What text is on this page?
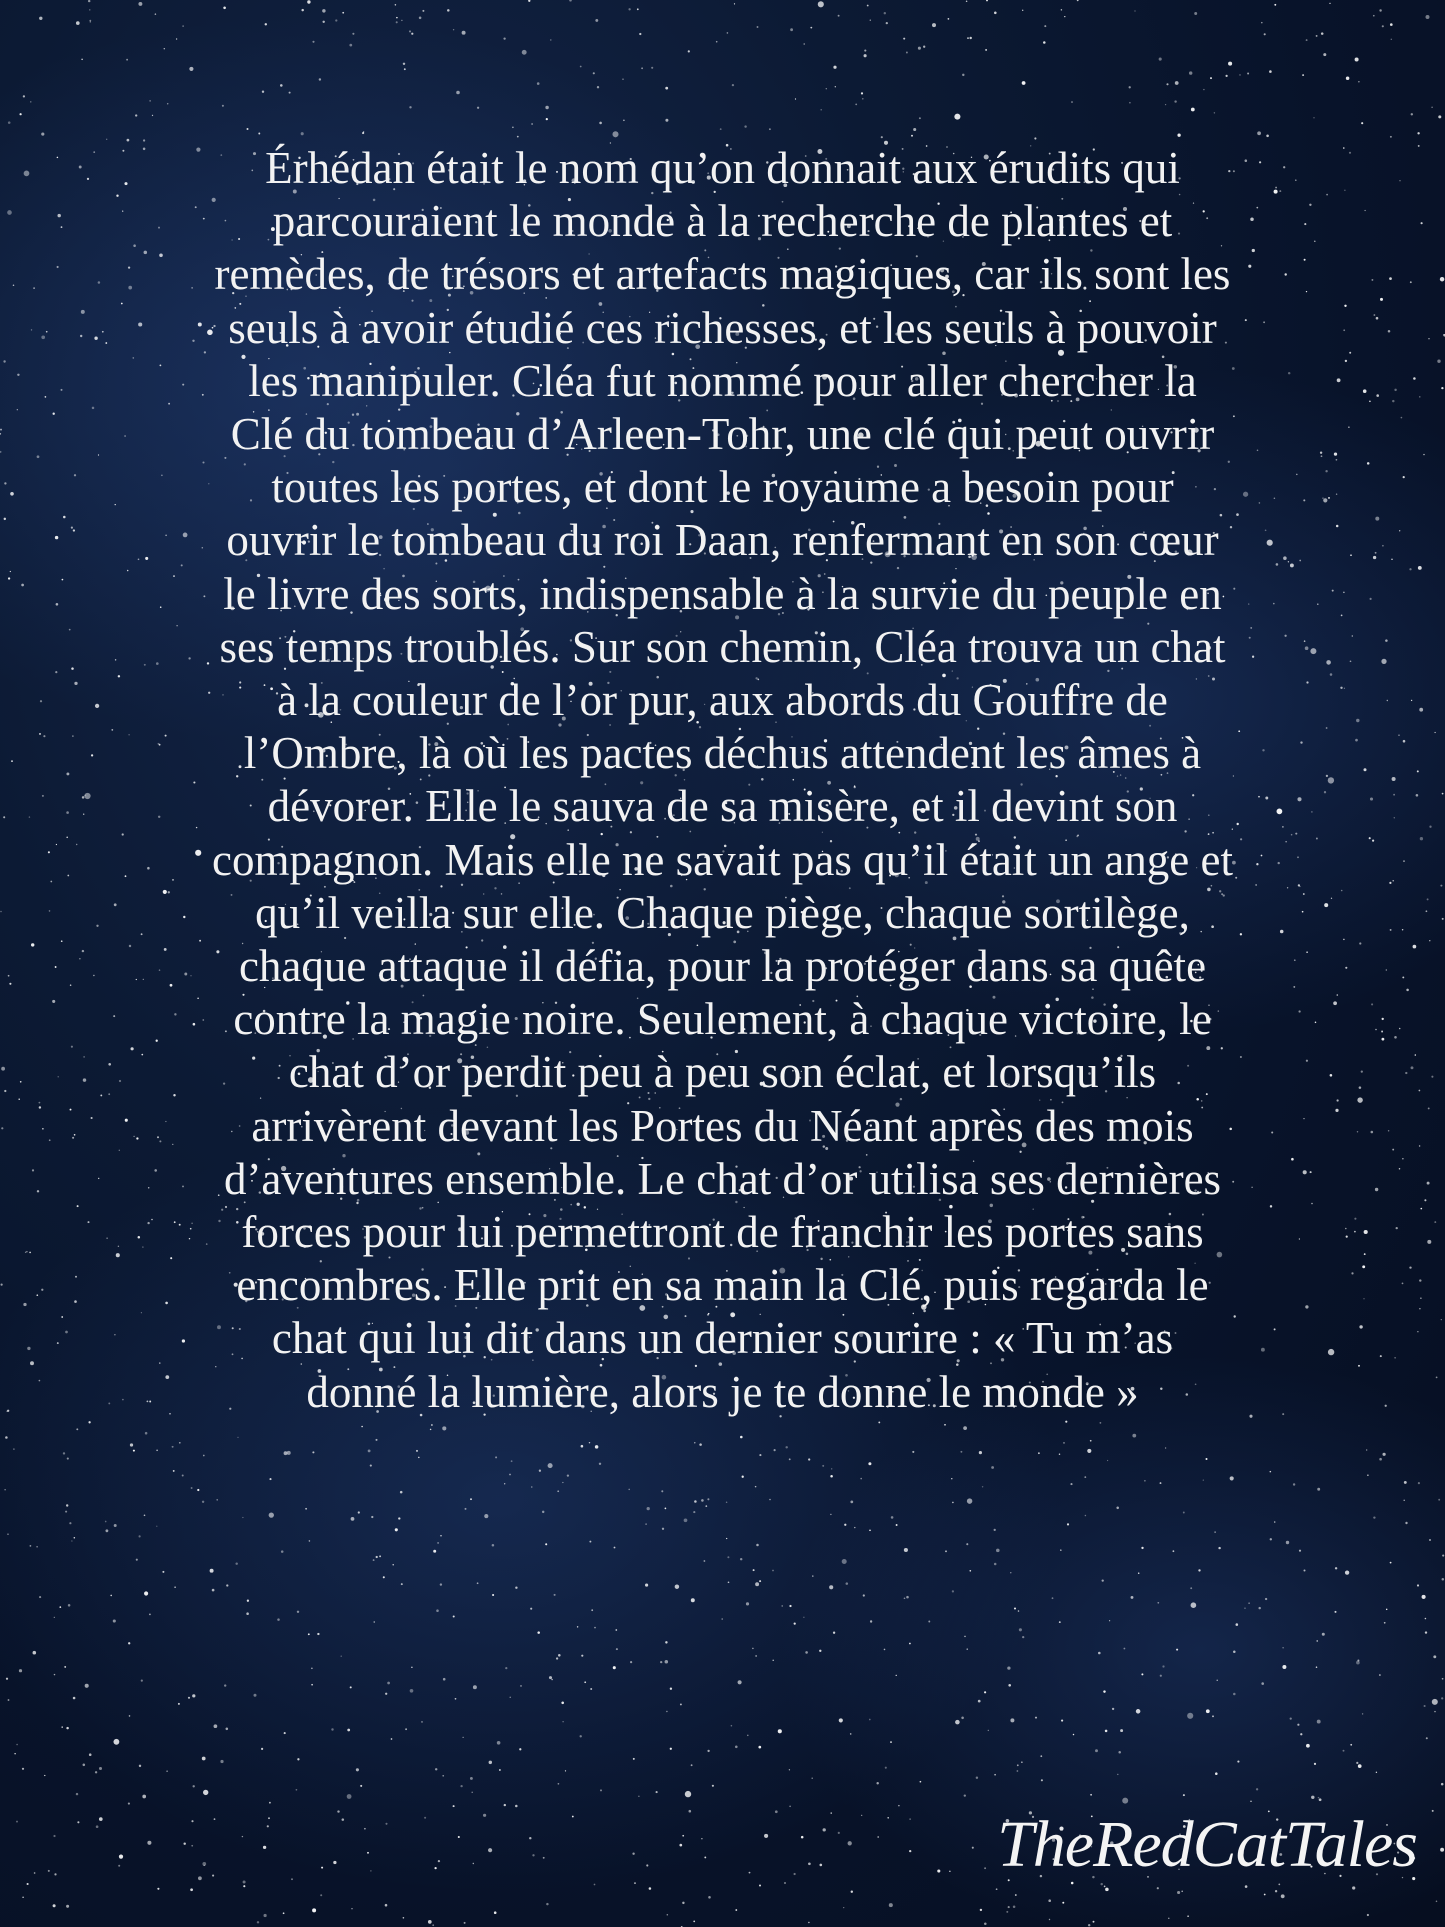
Érhédan était le nom qu’on donnait aux érudits qui
parcouraient le monde à la recherche de plantes et
remèdes, de trésors et artefacts magiques, car ils sont les
seuls à avoir étudié ces richesses, et les seuls à pouvoir
les manipuler. Cléa fut nommé pour aller chercher la
Clé du tombeau d’Arleen-Tohr, une clé qui peut ouvrir
toutes les portes, et dont le royaume a besoin pour
ouvrir le tombeau du roi Daan, renfermant en son cœur
le livre des sorts, indispensable à la survie du peuple en
ses temps troublés. Sur son chemin, Cléa trouva un chat
à la couleur de l’or pur, aux abords du Gouffre de
l’Ombre, là où les pactes déchus attendent les âmes à
dévorer. Elle le sauva de sa misère, et il devint son
compagnon. Mais elle ne savait pas qu’il était un ange et
qu’il veilla sur elle. Chaque piège, chaque sortilège,
chaque attaque il défia, pour la protéger dans sa quête
contre la magie noire. Seulement, à chaque victoire, le
chat d’or perdit peu à peu son éclat, et lorsqu’ils
arrivèrent devant les Portes du Néant après des mois
d’aventures ensemble. Le chat d’or utilisa ses dernières
forces pour lui permettront de franchir les portes sans
encombres. Elle prit en sa main la Clé, puis regarda le
chat qui lui dit dans un dernier sourire : « Tu m’as
donné la lumière, alors je te donne le monde »
TheRedCatTales
